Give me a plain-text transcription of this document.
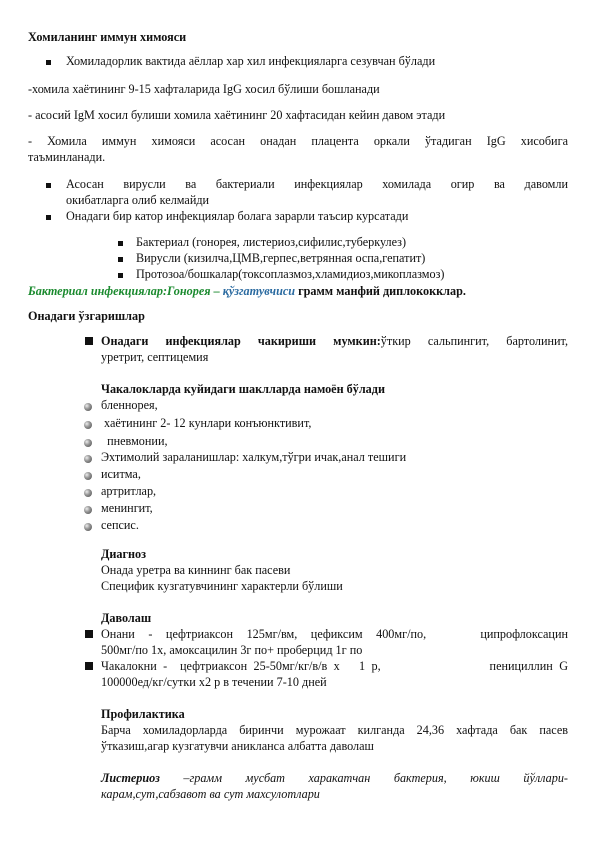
Хомиланинг иммун химояси

Хомиладорлик вактида аёллар хар хил инфекцияларга сезувчан бўлади

-хомила хаётининг 9-15 хафталарида IgG хосил бўлиши бошланади

- асосий IgM хосил булиши хомила хаётининг 20 хафтасидан кейин давом этади

- Хомила иммун химояси асосан онадан плацента оркали ўтадиган IgG хисобига

таъминланади.

Асосан вирусли ва бактериали инфекциялар хомилада огир ва давомли

окибатларга олиб келмайди

Онадаги бир катор инфекциялар болага зарарли таъсир курсатади

Бактериал (гонорея, листериоз,сифилис,туберкулез)

Вирусли (кизилча,ЦМВ,герпес,ветрянная оспа,гепатит)

Протозоа/бошкалар(токсоплазмоз,хламидиоз,микоплазмоз)

Бактериал инфекциялар:Гонорея – қўзгатувчиси грамм манфий диплококклар.

Онадаги ўзгаришлар

Онадаги инфекциялар чакириши мумкин:ўткир сальпингит, бартолинит,

уретрит, септицемия

Чакалокларда куйидаги шаклларда намоён бўлади

бленнорея,

хаётининг 2- 12 кунлари конъюнктивит,

пневмонии,

Эхтимолий зараланишлар: халкум,тўгри ичак,анал тешиги

иситма,

артритлар,

менингит,

сепсис.

Диагноз

Онада уретра ва киннинг бак пасеви

Специфик кузгатувчининг характерли бўлиши

Даволаш

Онани - цефтриаксон 125мг/вм, цефиксим 400мг/по,    ципрофлоксацин

500мг/по 1х, амоксацилин 3г по+ проберцид 1г по

Чакалокни -  цефтриаксон 25-50мг/кг/в/в х   1 р,                 пенициллин G

100000ед/кг/сутки х2 р в течении 7-10 дней

Профилактика

Барча хомиладорларда биринчи мурожаат килганда 24,36 хафтада бак пасев

ўтказиш,агар кузгатувчи аникланса албатта даволаш

Листериоз –грамм мусбат харакатчан бактерия, юкиш йўллари-

карам,сут,сабзавот ва сут махсулотлари
